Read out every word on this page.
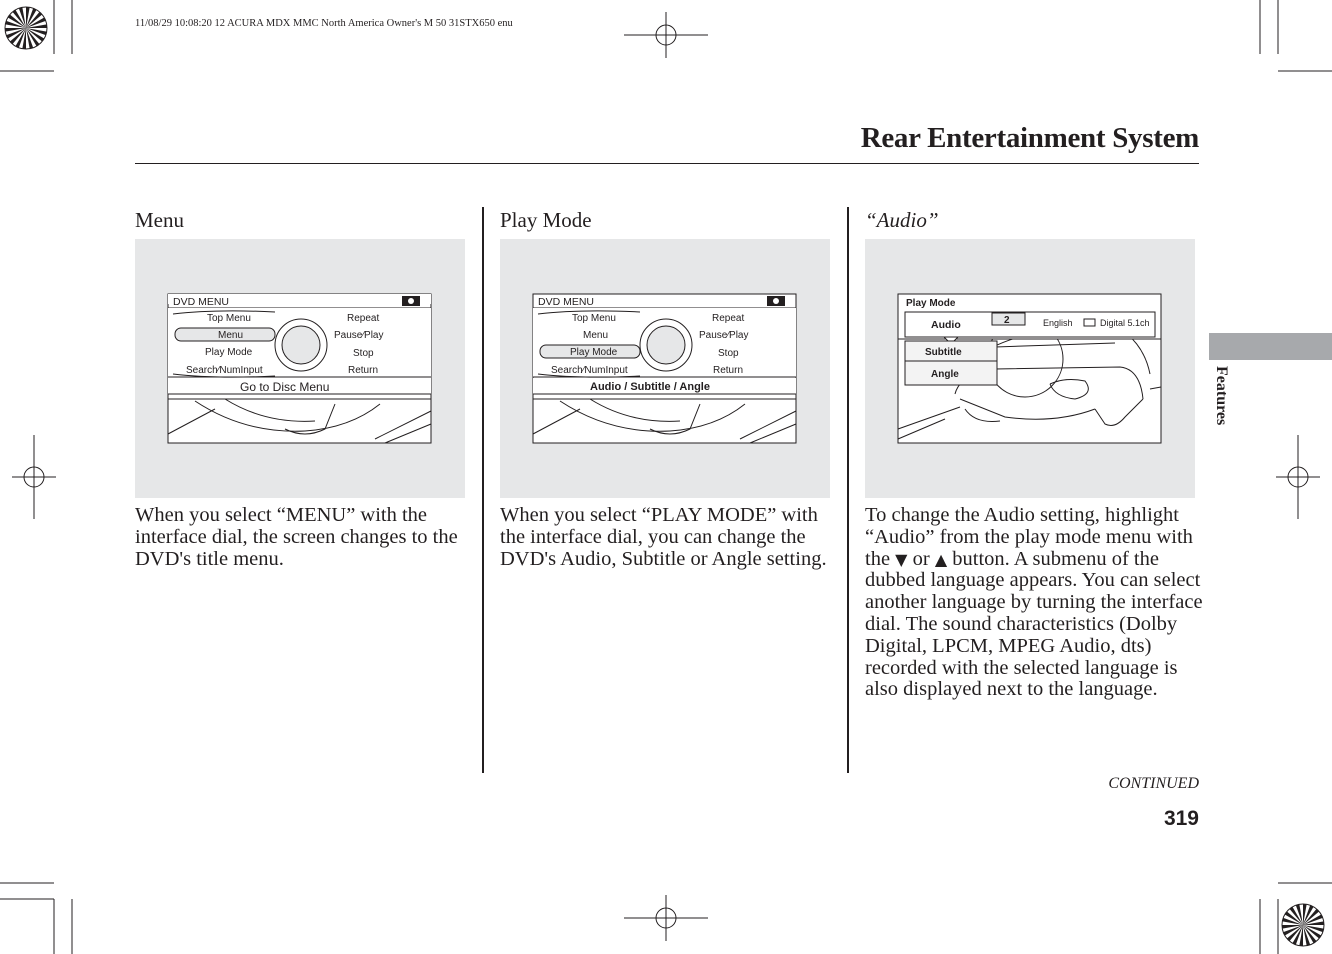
11/08/29 10:08:20 12 ACURA MDX MMC North America Owner's M 50 31STX650 enu
Rear Entertainment System
Features
Menu
DVD MENU
Top Menu
Menu
Play Mode
Search⁄NumInput
Repeat
Pause⁄Play
Stop
Return
Go to Disc Menu
When you select “MENU” with the interface dial, the screen changes to the DVD's title menu.
Play Mode
DVD MENU
Top Menu
Menu
Play Mode
Search⁄NumInput
Repeat
Pause⁄Play
Stop
Return
Audio / Subtitle / Angle
When you select “PLAY MODE” with the interface dial, you can change the DVD's Audio, Subtitle or Angle setting.
“Audio”
Play Mode
Audio	2	English	Digital 5.1ch
Subtitle
Angle
To change the Audio setting, highlight “Audio” from the play mode menu with the ▼ or ▲ button. A submenu of the dubbed language appears. You can select another language by turning the interface dial. The sound characteristics (Dolby Digital, LPCM, MPEG Audio, dts) recorded with the selected language is also displayed next to the language.
CONTINUED
319
